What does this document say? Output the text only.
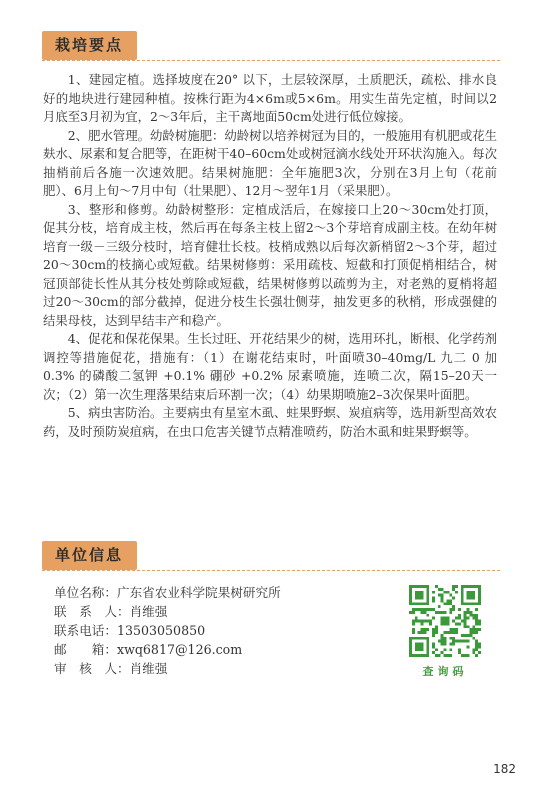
栽培要点

1、建园定植。选择坡度在20° 以下，土层较深厚，土质肥沃，疏松、排水良好的地块进行建园种植。按株行距为4×6m或5×6m。用实生苗先定植，时间以2月底至3月初为宜，2～3年后，主干离地面50cm处进行低位嫁接。

2、肥水管理。幼龄树施肥：幼龄树以培养树冠为目的，一般施用有机肥或花生麸水、尿素和复合肥等，在距树干40–60cm处或树冠滴水线处开环状沟施入。每次抽梢前后各施一次速效肥。结果树施肥：全年施肥3次，分别在3月上旬（花前肥）、6月上旬～7月中旬（壮果肥）、12月～翌年1月（采果肥）。

3、整形和修剪。幼龄树整形：定植成活后，在嫁接口上20～30cm处打顶，促其分枝，培育成主枝，然后再在每条主枝上留2～3个芽培育成副主枝。在幼年树培育一级－三级分枝时，培育健壮长枝。枝梢成熟以后每次新梢留2～3个芽，超过20～30cm的枝摘心或短截。结果树修剪：采用疏枝、短截和打顶促梢相结合，树冠顶部徒长性从其分枝处剪除或短截，结果树修剪以疏剪为主，对老熟的夏梢将超过20～30cm的部分截掉，促进分枝生长强壮侧芽，抽发更多的秋梢，形成强健的结果母枝，达到早结丰产和稳产。

4、促花和保花保果。生长过旺、开花结果少的树，选用环扎，断根、化学药剂调控等措施促花，措施有：（1）在谢花结束时，叶面喷30–40mg/L 九二 0 加 0.3% 的磷酸二氢钾 +0.1% 硼砂 +0.2% 尿素喷施，连喷二次，隔15–20天一次；（2）第一次生理落果结束后环割一次；（4）幼果期喷施2–3次保果叶面肥。

5、病虫害防治。主要病虫有星室木虱、蛀果野螟、炭疽病等，选用新型高效农药，及时预防炭疽病，在虫口危害关键节点精准喷药，防治木虱和蛀果野螟等。

单位信息
单位名称：广东省农业科学院果树研究所
联　系　人：肖维强
联系电话：13503050850
邮　　箱：xwq6817@126.com
审　核　人：肖维强	查询码
182
